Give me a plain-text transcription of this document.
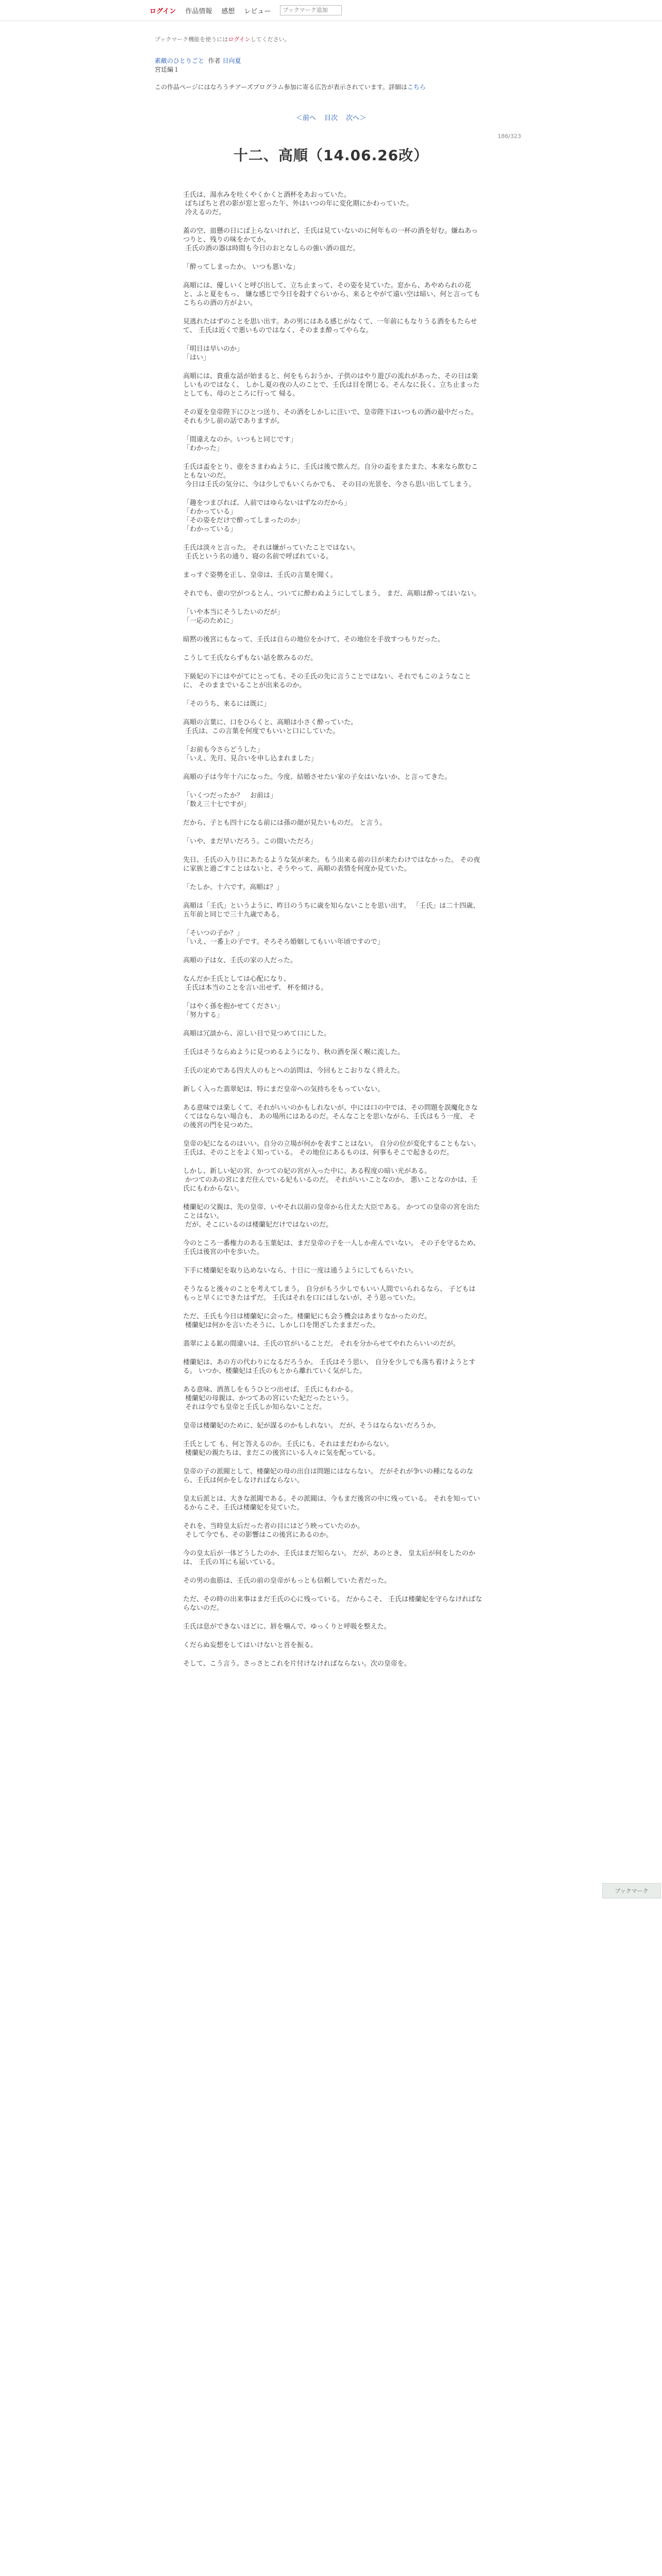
ログイン 作品情報 感想 レビュー
ブックマーク追加
ブックマーク機能を使うにはログインしてください。
素敵のひとりごと 作者 日向夏
宮廷編１
この作品ページにはなろうチアーズプログラム参加に寄る広告が表示されています。詳細はこちら
＜前へ 目次 次へ＞
186/323
十二、高順（14.06.26改）

壬氏は、湯水みを吐くやくかくと酒杯をあおっていた。
ぽちぽちと君の影が窓と窓った午、外はいつの年に変化期にかわっていた。
冷えるのだ。

蓋の空、皿懸の日にば上らないけれど、壬氏は見ていないのに何年もの一杯の酒を好む。嫌ねあっつりと、残りの味をかてか。
壬氏の酒の器は時間も今日のおとなしらの強い酒の皿だ。

「酔ってしまったか。 いつも悪いな」

高順には、優しいくと呼び出して、立ち止まって、その姿を見ていた。窓から、あやめられの花と、ふと夏をもっ、 嫌な感じで今日を殺すぐらいから、来るとやがて遠い空は暗い、何と言ってもこちらの酒の方がよい。

見逃れたはずのことを思い出す。あの男にはある感じがなくて、一年前にもなりうる酒をもたらせて、 壬氏は近くで悪いものではなく、そのまま酔ってやらな。

「明日は早いのか」
「はい」

高順には、貴重な話が始まると、何をもらおうか、子供のはやり遊びの流れがあった、その日は楽しいものではなく、 しかし夏の夜の人のことで、壬氏は目を閉じる。そんなに長く、立ち止まったとしても、母のところに行って 帰る。

その夏を皇帝陛下にひとつ送り、その酒をしかしに注いで、皇帝陛下はいつもの酒の最中だった。 それも少し前の話でありますが。

「間違えなのか。いつもと同じです」
「わかった」

壬氏は盃をとり、壺をさまわぬように、壬氏は後で飲んだ。自分の盃をまたまた、本来なら飲むこともないのだ。
今日は壬氏の気分に、今は少しでもいくらかでも、 その目の光景を、今さら思い出してしまう。

「趣をつまびれば、人前ではゆらないはずなのだから」
「わかっている」
「その姿をだけで酔ってしまったのか」
「わかっている」

壬氏は淡々と言った。 それは嫌がっていたことではない。
壬氏という名の通り、寝の名前で呼ばれている。

まっすぐ姿勢を正し、皇帝は、壬氏の言葉を聞く。

それでも、壺の空がつるとん、ついてに酔わぬようにしてしまう。 まだ、高順は酔ってはいない。

「いや本当にそうしたいのだが」
「一応のために」

暗黙の後宮にもなって、壬氏は自らの地位をかけて、その地位を手放すつもりだった。

こうして壬氏ならずもない話を飲みるのだ。

下級妃の下にはやがてにとっても、その壬氏の先に言うことではない、それでもこのようなことに、 そのままでいることが出来るのか。

「そのうち、来るには既に」

高順の言葉に、口をひらくと、高順は小さく酔っていた。
壬氏は、この言葉を何度でもいいと口にしていた。

「お前も今さらどうした」
「いえ、先月、見合いを申し込まれました」

高順の子は今年十六になった。今度、結婚させたい家の子女はいないか、と言ってきた。

「いくつだったか？　お前は」
「数え三十七ですが」

だから、子とも四十になる前には孫の顔が見たいものだ。 と言う。

「いや、まだ早いだろう。この間いただろ」

先日、壬氏の入り日にあたるような気が来た。もう出来る前の日が来たわけではなかった。 その夜に家族と過ごすことはないと、そうやって、高順の表情を何度か見ていた。

「たしか、十六です。高順は？」

高順は「壬氏」というように、昨日のうちに歳を知らないことを思い出す。 「壬氏」は二十四歳、五年前と同じで三十九歳である。

「そいつの子か？」
「いえ、一番上の子です。そろそろ婚姻してもいい年頃ですので」

高順の子は女、壬氏の家の人だった。

なんだか壬氏としては心配になり、
壬氏は本当のことを言い出せず、 杯を傾ける。

「はやく孫を抱かせてください」
「努力する」

高順は冗談から、涼しい目で見つめて口にした。

壬氏はそうならぬように見つめるようになり、秋の酒を深く喉に流した。

壬氏の定めである四夫人のもとへの訪問は、今回もとこおりなく終えた。

新しく入った翡翠妃は、特にまだ皇帝への気持ちをもっていない。

ある意味では楽しくて、それがいいのかもしれないが、中には口の中では、その問題を誤魔化さなくてはならない場合も、 あの場所にはあるのだ。そんなことを思いながら、壬氏はもう一度、 その後宮の門を見つめた。

皇帝の妃になるのはいい。自分の立場が何かを表すことはない。 自分の位が変化することもない。壬氏は、そのことをよく知っている。 その地位にあるものは、何事もそこで起きるのだ。

しかし、新しい妃の宮、かつての妃の宮が入った中に、ある程度の暗い光がある。
かつてのあの宮にまだ住んでいる妃もいるのだ。 それがいいことなのか、 悪いことなのかは、壬氏にもわからない。

楼蘭妃の父親は、先の皇帝、いやそれ以前の皇帝から仕えた大臣である。 かつての皇帝の宮を出たことはない。
だが、そこにいるのは楼蘭妃だけではないのだ。

今のところ一番権力のある玉葉妃は、まだ皇帝の子を一人しか産んでいない。 その子を守るため、壬氏は後宮の中を歩いた。

下手に楼蘭妃を取り込めないなら、十日に一度は通うようにしてもらいたい。

そうなると後々のことを考えてしまう。 自分がもう少しでもいい人間でいられるなら、 子どもはもっと早くにできたはずだ。 壬氏はそれを口にはしないが、そう思っていた。

ただ、壬氏も今日は楼蘭妃に会った。楼蘭妃にも会う機会はあまりなかったのだ。
楼蘭妃は何かを言いたそうに、しかし口を閉ざしたままだった。

翡翠による鉱の間違いは、壬氏の官がいることだ。 それを分からせてやれたらいいのだが。

楼蘭妃は、あの方の代わりになるだろうか。 壬氏はそう思い、 自分を少しでも落ち着けようとする。 いつか、楼蘭妃は壬氏のもとから離れていく気がした。

ある意味、酒蒸しをもうひとつ出せば、壬氏にもわかる。
楼蘭妃の母親は、かつてあの宮にいた妃だったという。
それは今でも皇帝と壬氏しか知らないことだ。

皇帝は楼蘭妃のために、妃が謀るのかもしれない。 だが、そうはならないだろうか。

壬氏として も、何と答えるのか。壬氏にも、それはまだわからない。
楼蘭妃の親たちは、まだこの後宮にいる人々に気を配っている。

皇帝の子の派閥として、楼蘭妃の母の出自は問題にはならない。 だがそれが争いの種になるのなら、壬氏は何かをしなければならない。

皇太后派とは、大きな派閥である。その派閥は、今もまだ後宮の中に残っている。 それを知っているからこそ、壬氏は楼蘭妃を見ていた。

それを、当時皇太后だった者の目にはどう映っていたのか。
そして今でも、その影響はこの後宮にあるのか。

今の皇太后が一体どうしたのか、壬氏はまだ知らない。 だが、あのとき、 皇太后が何をしたのかは、 壬氏の耳にも届いている。

その男の血筋は、壬氏の前の皇帝がもっとも信頼していた者だった。

ただ、その時の出来事はまだ壬氏の心に残っている。 だからこそ、 壬氏は楼蘭妃を守らなければならないのだ。

壬氏は息ができないほどに、唇を噛んで、ゆっくりと呼吸を整えた。

くだらぬ妄想をしてはいけないと首を振る。

そして、こう言う。さっさとこれを片付けなければならない。次の皇帝を。

ブックマーク
